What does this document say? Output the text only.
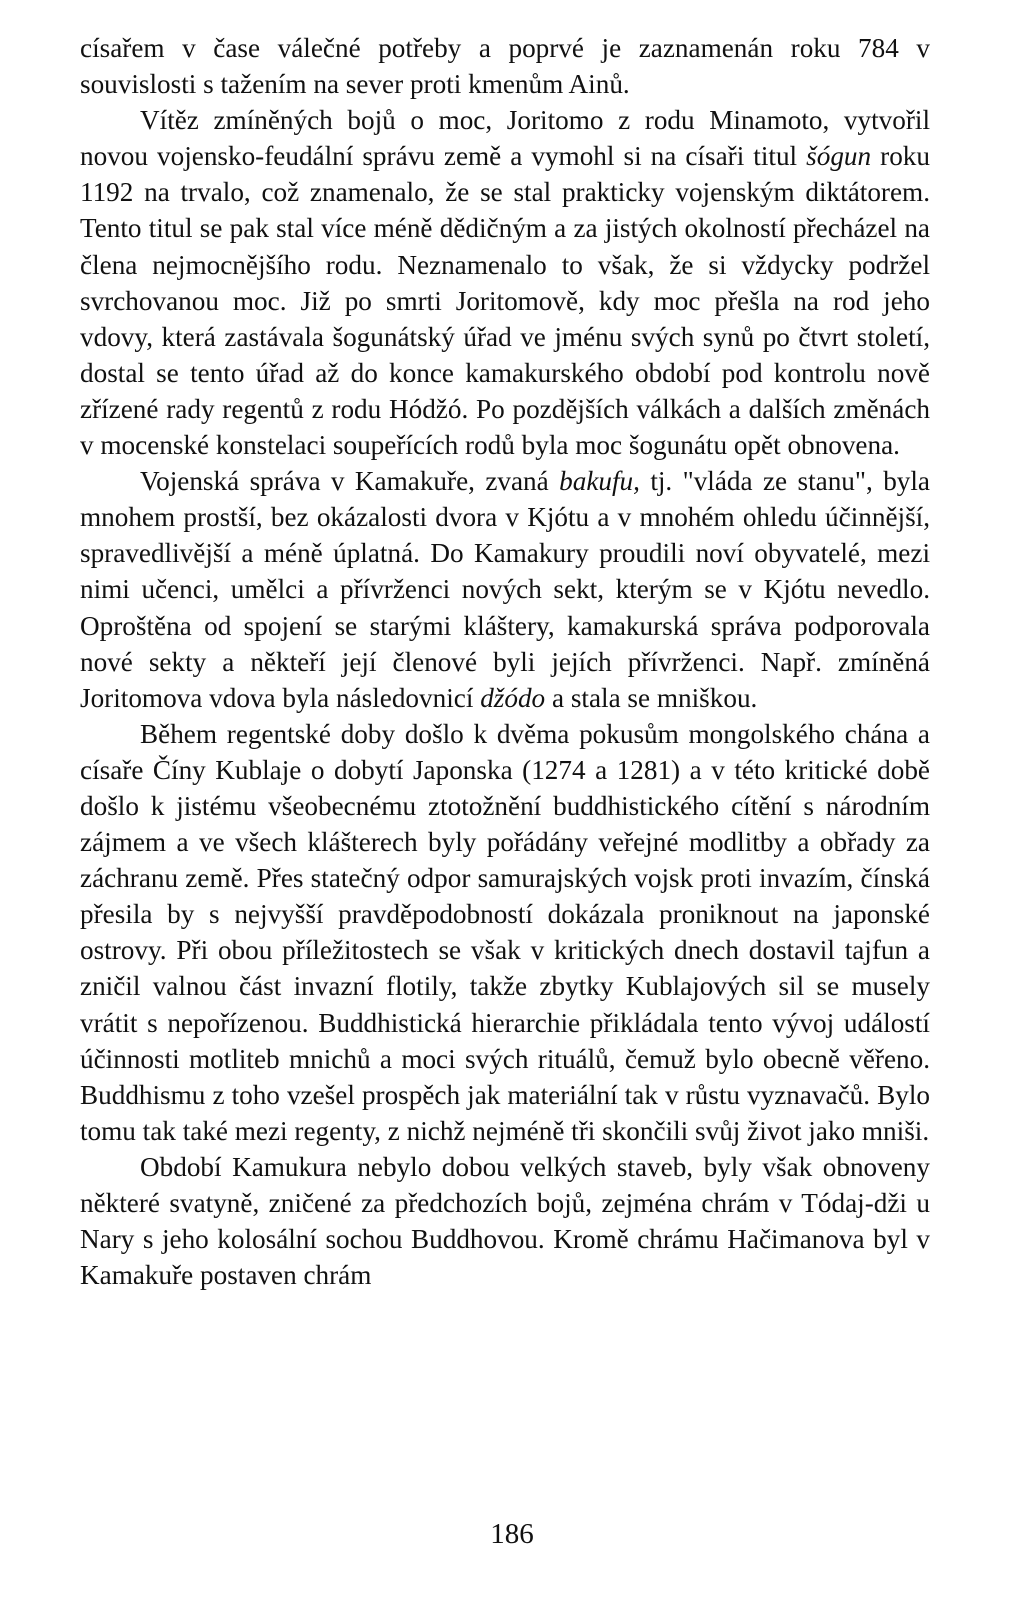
císařem v čase válečné potřeby a poprvé je zaznamenán roku 784 v souvislosti s tažením na sever proti kmenům Ainů.

Vítěz zmíněných bojů o moc, Joritomo z rodu Minamoto, vytvořil novou vojensko-feudální správu země a vymohl si na císaři titul šógun roku 1192 na trvalo, což znamenalo, že se stal prakticky vojenským diktátorem. Tento titul se pak stal více méně dědičným a za jistých okolností přecházel na člena nejmocnějšího rodu. Neznamenalo to však, že si vždycky podržel svrchovanou moc. Již po smrti Joritomově, kdy moc přešla na rod jeho vdovy, která zastávala šogunátský úřad ve jménu svých synů po čtvrt století, dostal se tento úřad až do konce kamakurského období pod kontrolu nově zřízené rady regentů z rodu Hódžó. Po pozdějších válkách a dalších změnách v mocenské konstelaci soupeřících rodů byla moc šogunátu opět obnovena.

Vojenská správa v Kamakuře, zvaná bakufu, tj. "vláda ze stanu", byla mnohem prostší, bez okázalosti dvora v Kjótu a v mnohém ohledu účinnější, spravedlivější a méně úplatná. Do Kamakury proudili noví obyvatelé, mezi nimi učenci, umělci a přívrženci nových sekt, kterým se v Kjótu nevedlo. Oproštěna od spojení se starými kláštery, kamakurská správa podporovala nové sekty a někteří její členové byli jejích přívrženci. Např. zmíněná Joritomova vdova byla následovnicí džódo a stala se mniškou.

Během regentské doby došlo k dvěma pokusům mongolského chána a císaře Číny Kublaje o dobytí Japonska (1274 a 1281) a v této kritické době došlo k jistému všeobecnému ztotožnění buddhistického cítění s národním zájmem a ve všech klášterech byly pořádány veřejné modlitby a obřady za záchranu země. Přes statečný odpor samurajských vojsk proti invazím, čínská přesila by s nejvyšší pravděpodobností dokázala proniknout na japonské ostrovy. Při obou příležitostech se však v kritických dnech dostavil tajfun a zničil valnou část invazní flotily, takže zbytky Kublajových sil se musely vrátit s nepořízenou. Buddhistická hierarchie přikládala tento vývoj událostí účinnosti motliteb mnichů a moci svých rituálů, čemuž bylo obecně věřeno. Buddhismu z toho vzešel prospěch jak materiální tak v růstu vyznavačů. Bylo tomu tak také mezi regenty, z nichž nejméně tři skončili svůj život jako mniši.

Období Kamukura nebylo dobou velkých staveb, byly však obnoveny některé svatyně, zničené za předchozích bojů, zejména chrám v Tódaj-dži u Nary s jeho kolosální sochou Buddhovou. Kromě chrámu Hačimanova byl v Kamakuře postaven chrám

186
